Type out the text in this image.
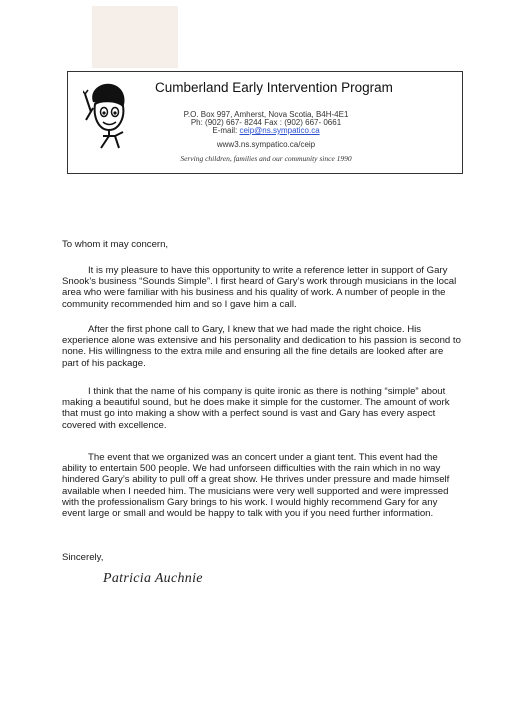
Cumberland Early Intervention Program
P.O. Box 997, Amherst, Nova Scotia, B4H-4E1
Ph: (902) 667- 8244 Fax : (902) 667- 0661
E-mail: ceip@ns.sympatico.ca
www3.ns.sympatico.ca/ceip
Serving children, families and our community since 1990
To whom it may concern,

It is my pleasure to have this opportunity to write a reference letter in support of Gary Snook’s business “Sounds Simple”. I first heard of Gary’s work through musicians in the local area who were familiar with his business and his quality of work. A number of people in the community recommended him and so I gave him a call.

After the first phone call to Gary, I knew that we had made the right choice. His experience alone was extensive and his personality and dedication to his passion is second to none. His willingness to the extra mile and ensuring all the fine details are looked after are part of his package.

I think that the name of his company is quite ironic as there is nothing “simple” about making a beautiful sound, but he does make it simple for the customer. The amount of work that must go into making a show with a perfect sound is vast and Gary has every aspect covered with excellence.

The event that we organized was an concert under a giant tent. This event had the ability to entertain 500 people. We had unforseen difficulties with the rain which in no way hindered Gary’s ability to pull off a great show. He thrives under pressure and made himself available when I needed him. The musicians were very well supported and were impressed with the professionalism Gary brings to his work. I would highly recommend Gary for any event large or small and would be happy to talk with you if you need further information.

Sincerely,
Patricia Auchnie
